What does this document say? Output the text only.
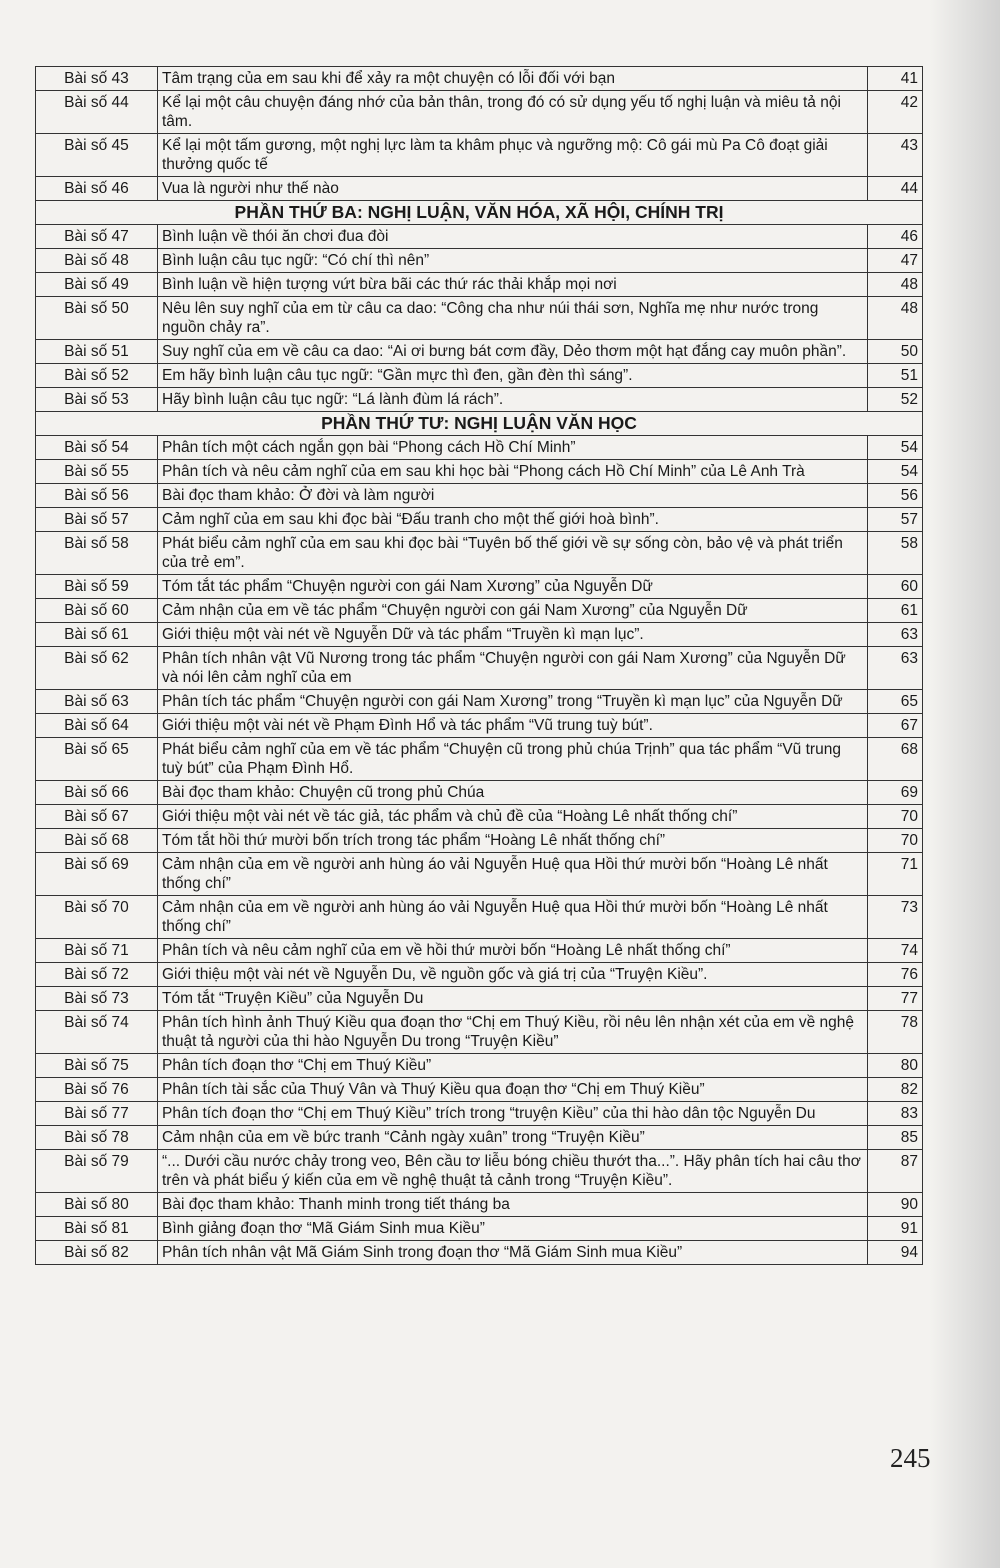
Bài số 43	Tâm trạng của em sau khi để xảy ra một chuyện có lỗi đối với bạn	41
Bài số 44	Kể lại một câu chuyện đáng nhớ của bản thân, trong đó có sử dụng yếu tố nghị luận và miêu tả nội tâm.	42
Bài số 45	Kể lại một tấm gương, một nghị lực làm ta khâm phục và ngưỡng mộ: Cô gái mù Pa Cô đoạt giải thưởng quốc tế	43
Bài số 46	Vua là người như thế nào	44
PHẦN THỨ BA: NGHỊ LUẬN, VĂN HÓA, XÃ HỘI, CHÍNH TRỊ		
Bài số 47	Bình luận về thói ăn chơi đua đòi	46
Bài số 48	Bình luận câu tục ngữ: “Có chí thì nên”	47
Bài số 49	Bình luận về hiện tượng vứt bừa bãi các thứ rác thải khắp mọi nơi	48
Bài số 50	Nêu lên suy nghĩ của em từ câu ca dao: “Công cha như núi thái sơn, Nghĩa mẹ như nước trong nguồn chảy ra”.	48
Bài số 51	Suy nghĩ của em về câu ca dao: “Ai ơi bưng bát cơm đầy, Dẻo thơm một hạt đắng cay muôn phần”.	50
Bài số 52	Em hãy bình luận câu tục ngữ: “Gần mực thì đen, gần đèn thì sáng”.	51
Bài số 53	Hãy bình luận câu tục ngữ: “Lá lành đùm lá rách”.	52
PHẦN THỨ TƯ: NGHỊ LUẬN VĂN HỌC		
Bài số 54	Phân tích một cách ngắn gọn bài “Phong cách Hồ Chí Minh”	54
Bài số 55	Phân tích và nêu cảm nghĩ của em sau khi học bài “Phong cách Hồ Chí Minh” của Lê Anh Trà	54
Bài số 56	Bài đọc tham khảo: Ở đời và làm người	56
Bài số 57	Cảm nghĩ của em sau khi đọc bài “Đấu tranh cho một thế giới hoà bình”.	57
Bài số 58	Phát biểu cảm nghĩ của em sau khi đọc bài “Tuyên bố thế giới về sự sống còn, bảo vệ và phát triển của trẻ em”.	58
Bài số 59	Tóm tắt tác phẩm “Chuyện người con gái Nam Xương” của Nguyễn Dữ	60
Bài số 60	Cảm nhận của em về tác phẩm “Chuyện người con gái Nam Xương” của Nguyễn Dữ	61
Bài số 61	Giới thiệu một vài nét về Nguyễn Dữ và tác phẩm “Truyền kì mạn lục”.	63
Bài số 62	Phân tích nhân vật Vũ Nương trong tác phẩm “Chuyện người con gái Nam Xương” của Nguyễn Dữ và nói lên cảm nghĩ của em	63
Bài số 63	Phân tích tác phẩm “Chuyện người con gái Nam Xương” trong “Truyền kì mạn lục” của Nguyễn Dữ	65
Bài số 64	Giới thiệu một vài nét về Phạm Đình Hổ và tác phẩm “Vũ trung tuỳ bút”.	67
Bài số 65	Phát biểu cảm nghĩ của em về tác phẩm “Chuyện cũ trong phủ chúa Trịnh” qua tác phẩm “Vũ trung tuỳ bút” của Phạm Đình Hổ.	68
Bài số 66	Bài đọc tham khảo: Chuyện cũ trong phủ Chúa	69
Bài số 67	Giới thiệu một vài nét về tác giả, tác phẩm và chủ đề của “Hoàng Lê nhất thống chí”	70
Bài số 68	Tóm tắt hồi thứ mười bốn trích trong tác phẩm “Hoàng Lê nhất thống chí”	70
Bài số 69	Cảm nhận của em về người anh hùng áo vải Nguyễn Huệ qua Hồi thứ mười bốn “Hoàng Lê nhất thống chí”	71
Bài số 70	Cảm nhận của em về người anh hùng áo vải Nguyễn Huệ qua Hồi thứ mười bốn “Hoàng Lê nhất thống chí”	73
Bài số 71	Phân tích và nêu cảm nghĩ của em về hồi thứ mười bốn “Hoàng Lê nhất thống chí”	74
Bài số 72	Giới thiệu một vài nét về Nguyễn Du, về nguồn gốc và giá trị của “Truyện Kiều”.	76
Bài số 73	Tóm tắt “Truyện Kiều” của Nguyễn Du	77
Bài số 74	Phân tích hình ảnh Thuý Kiều qua đoạn thơ “Chị em Thuý Kiều, rồi nêu lên nhận xét của em về nghệ thuật tả người của thi hào Nguyễn Du trong “Truyện Kiều”	78
Bài số 75	Phân tích đoạn thơ “Chị em Thuý Kiều”	80
Bài số 76	Phân tích tài sắc của Thuý Vân và Thuý Kiều qua đoạn thơ “Chị em Thuý Kiều”	82
Bài số 77	Phân tích đoạn thơ “Chị em Thuý Kiều” trích trong “truyện Kiều” của thi hào dân tộc Nguyễn Du	83
Bài số 78	Cảm nhận của em về bức tranh “Cảnh ngày xuân” trong “Truyện Kiều”	85
Bài số 79	“... Dưới cầu nước chảy trong veo, Bên cầu tơ liễu bóng chiều thướt tha...”. Hãy phân tích hai câu thơ trên và phát biểu ý kiến của em về nghệ thuật tả cảnh trong “Truyện Kiều”.	87
Bài số 80	Bài đọc tham khảo: Thanh minh trong tiết tháng ba	90
Bài số 81	Bình giảng đoạn thơ “Mã Giám Sinh mua Kiều”	91
Bài số 82	Phân tích nhân vật Mã Giám Sinh trong đoạn thơ “Mã Giám Sinh mua Kiều”	94
245
